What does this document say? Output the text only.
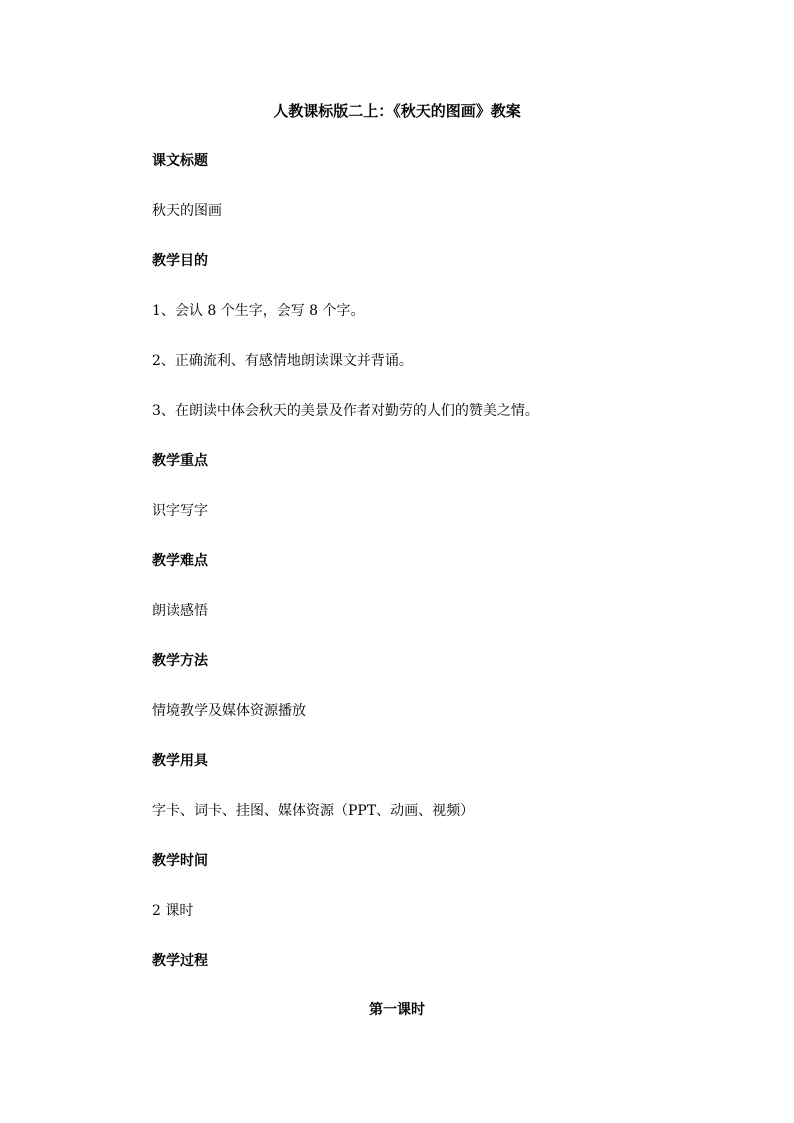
人教课标版二上：《秋天的图画》教案
课文标题
秋天的图画
教学目的
1、会认 8 个生字，会写 8 个字。
2、正确流利、有感情地朗读课文并背诵。
3、在朗读中体会秋天的美景及作者对勤劳的人们的赞美之情。
教学重点
识字写字
教学难点
朗读感悟
教学方法
情境教学及媒体资源播放
教学用具
字卡、词卡、挂图、媒体资源（PPT、动画、视频）
教学时间
2 课时
教学过程
第一课时
